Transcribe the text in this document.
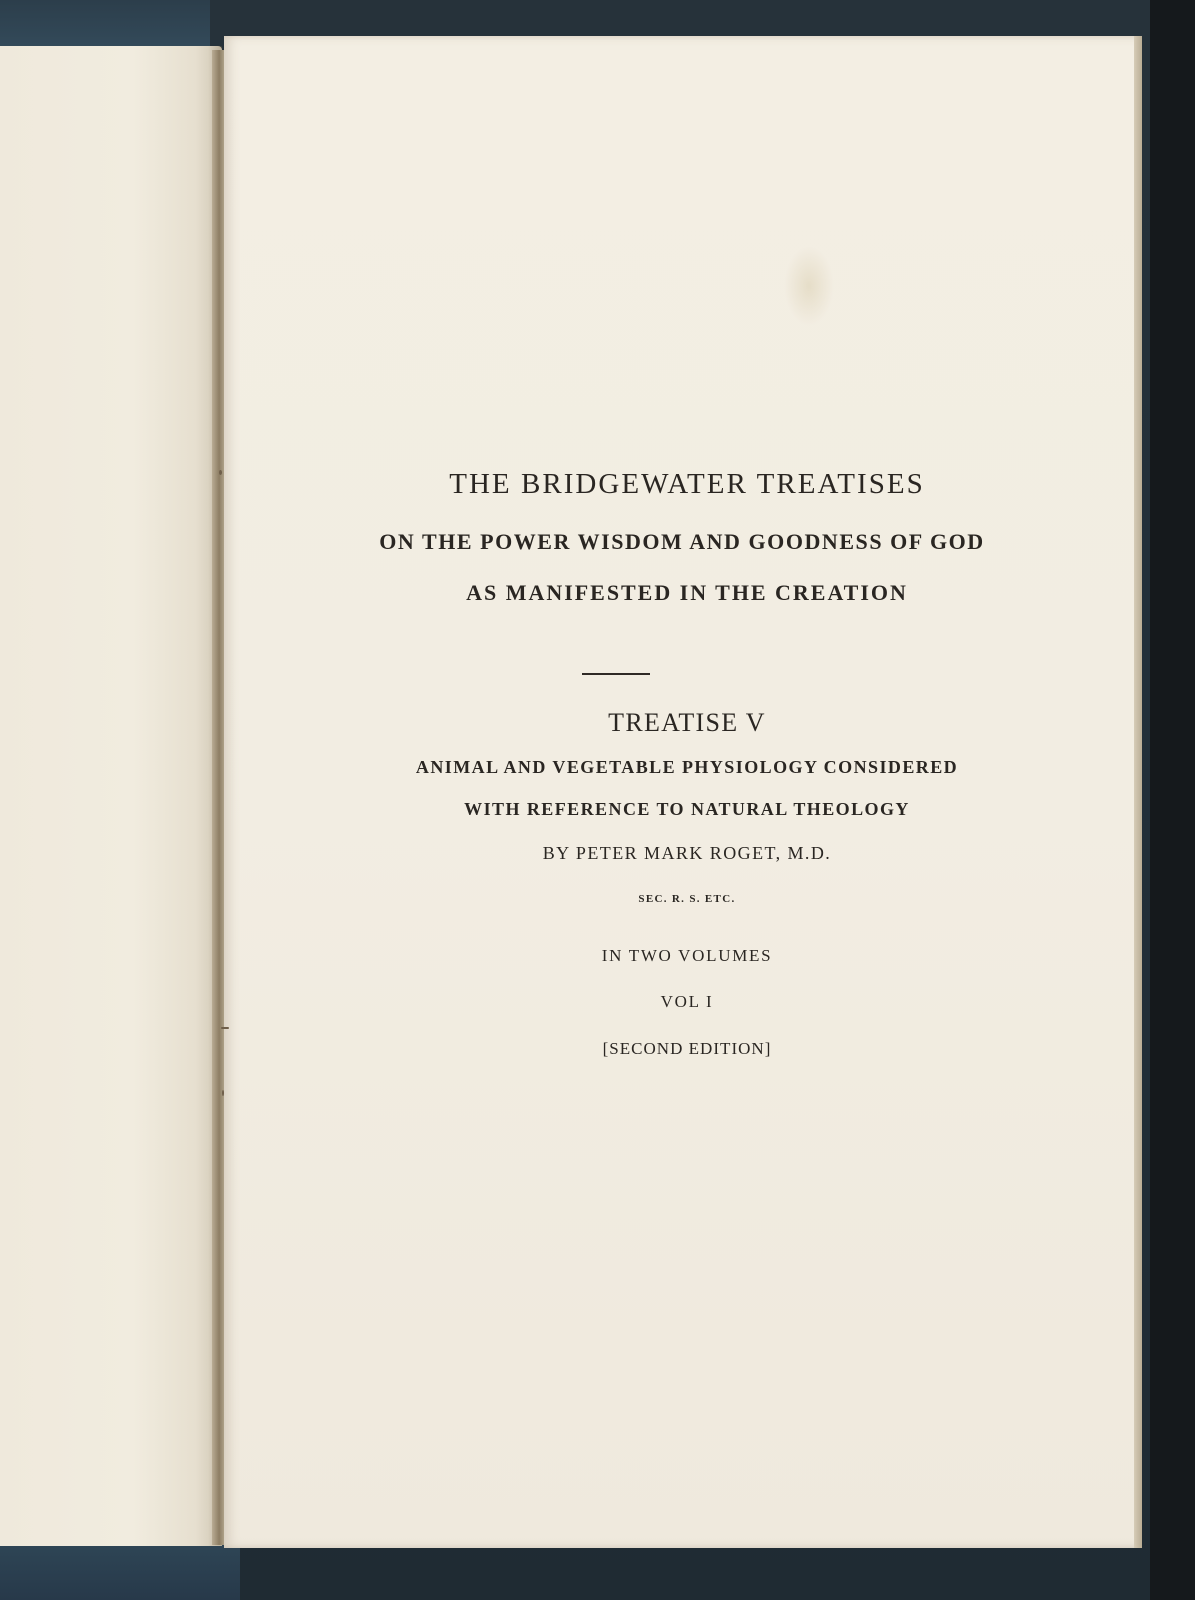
THE BRIDGEWATER TREATISES
ON THE POWER WISDOM AND GOODNESS OF GOD
AS MANIFESTED IN THE CREATION
TREATISE V
ANIMAL AND VEGETABLE PHYSIOLOGY CONSIDERED
WITH REFERENCE TO NATURAL THEOLOGY
BY PETER MARK ROGET, M.D.
SEC. R. S. ETC.
IN TWO VOLUMES
VOL I
[SECOND EDITION]
